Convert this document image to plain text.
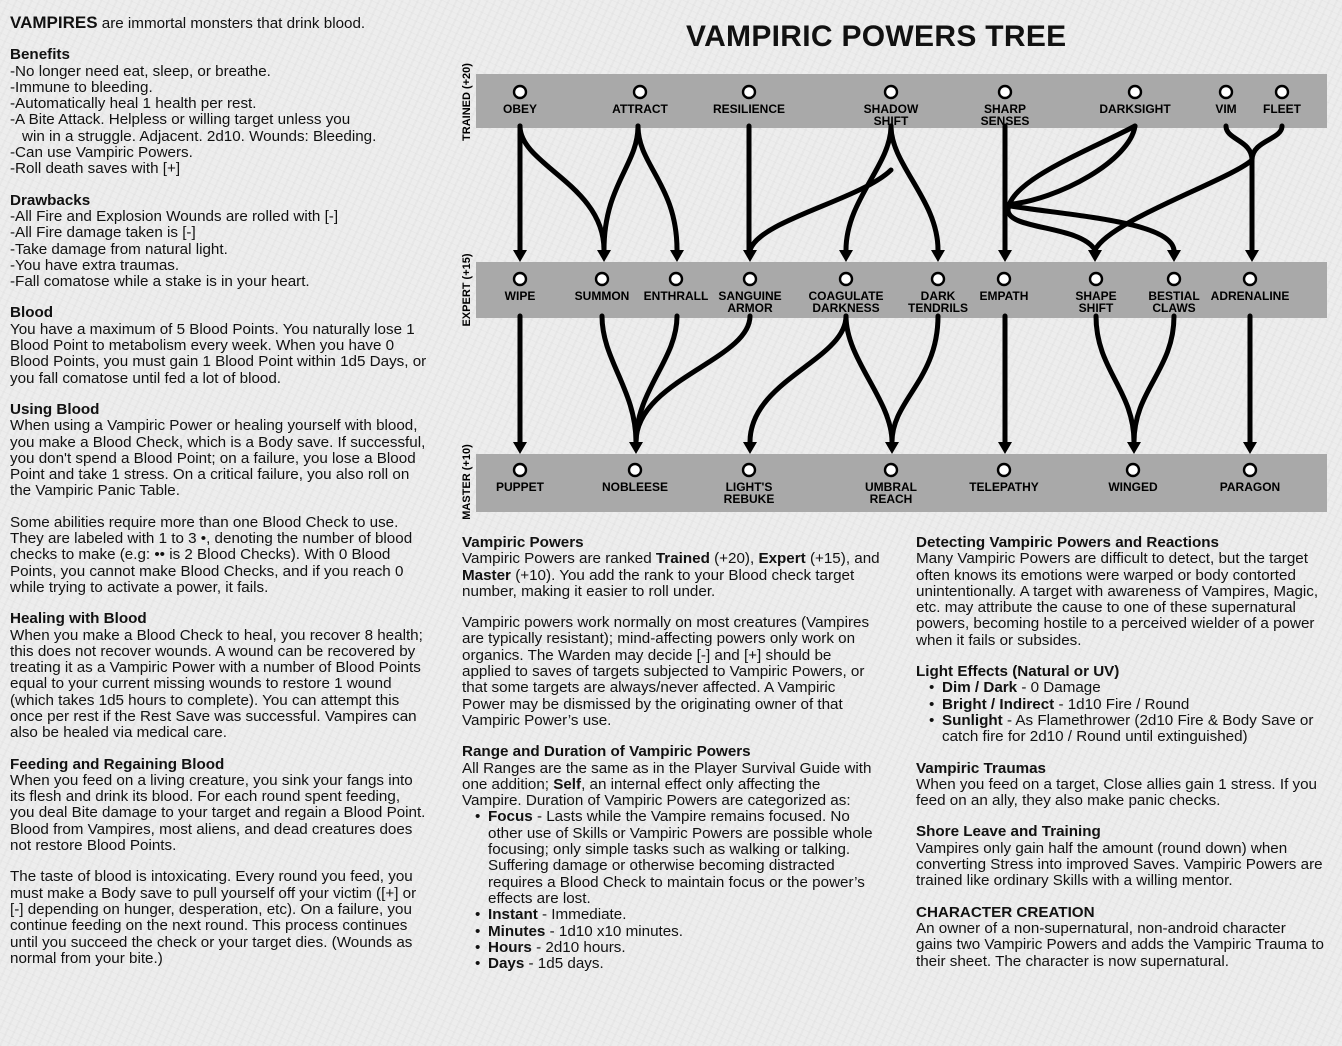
VAMPIRES are immortal monsters that drink blood.

Benefits

-No longer need eat, sleep, or breathe.

-Immune to bleeding.

-Automatically heal 1 health per rest.

-A Bite Attack. Helpless or willing target unless you

win in a struggle. Adjacent. 2d10. Wounds: Bleeding.

-Can use Vampiric Powers.

-Roll death saves with [+]

Drawbacks

-All Fire and Explosion Wounds are rolled with [-]

-All Fire damage taken is [-]

-Take damage from natural light.

-You have extra traumas.

-Fall comatose while a stake is in your heart.

Blood

You have a maximum of 5 Blood Points. You naturally lose 1 Blood Point to metabolism every week. When you have 0 Blood Points, you must gain 1 Blood Point within 1d5 Days, or you fall comatose until fed a lot of blood.

Using Blood

When using a Vampiric Power or healing yourself with blood, you make a Blood Check, which is a Body save. If successful, you don't spend a Blood Point; on a failure, you lose a Blood Point and take 1 stress. On a critical failure, you also roll on the Vampiric Panic Table.

Some abilities require more than one Blood Check to use. They are labeled with 1 to 3 •, denoting the number of blood checks to make (e.g: •• is 2 Blood Checks). With 0 Blood Points, you cannot make Blood Checks, and if you reach 0 while trying to activate a power, it fails.

Healing with Blood

When you make a Blood Check to heal, you recover 8 health; this does not recover wounds. A wound can be recovered by treating it as a Vampiric Power with a number of Blood Points equal to your current missing wounds to restore 1 wound (which takes 1d5 hours to complete). You can attempt this once per rest if the Rest Save was successful. Vampires can also be healed via medical care.

Feeding and Regaining Blood

When you feed on a living creature, you sink your fangs into its flesh and drink its blood. For each round spent feeding, you deal Bite damage to your target and regain a Blood Point. Blood from Vampires, most aliens, and dead creatures does not restore Blood Points.

The taste of blood is intoxicating. Every round you feed, you must make a Body save to pull yourself off your victim ([+] or [-] depending on hunger, desperation, etc). On a failure, you continue feeding on the next round. This process continues until you succeed the check or your target dies. (Wounds as normal from your bite.)

VAMPIRIC POWERS TREE
TRAINED (+20) OBEY	ATTRACT	RESILIENCE	SHADOW
SHIFT
SHARP
SENSES
DARKSIGHT	VIM FLEET
EXPERT (+15)	WIPE	SUMMON ENTHRALL SANGUINE
ARMOR
COAGULATE
DARKNESS
DARK
TENDRILS
EMPATH	SHAPE
SHIFT
BESTIAL
CLAWS
ADRENALINE
MASTER (+10) PUPPET	NOBLEESE	LIGHT'S
REBUKE
UMBRAL
REACH
TELEPATHY	WINGED	PARAGON
Vampiric Powers

Vampiric Powers are ranked Trained (+20), Expert (+15), and Master (+10). You add the rank to your Blood check target number, making it easier to roll under.

Vampiric powers work normally on most creatures (Vampires are typically resistant); mind-affecting powers only work on organics. The Warden may decide [-] and [+] should be applied to saves of targets subjected to Vampiric Powers, or that some targets are always/never affected. A Vampiric Power may be dismissed by the originating owner of that Vampiric Power’s use.

Range and Duration of Vampiric Powers

All Ranges are the same as in the Player Survival Guide with one addition; Self, an internal effect only affecting the Vampire. Duration of Vampiric Powers are categorized as:

• Focus - Lasts while the Vampire remains focused. No other use of Skills or Vampiric Powers are possible whole focusing; only simple tasks such as walking or talking. Suffering damage or otherwise becoming distracted requires a Blood Check to maintain focus or the power’s effects are lost.
• Instant - Immediate.
• Minutes - 1d10 x10 minutes.
• Hours - 2d10 hours.
• Days - 1d5 days.
Detecting Vampiric Powers and Reactions

Many Vampiric Powers are difficult to detect, but the target often knows its emotions were warped or body contorted unintentionally. A target with awareness of Vampires, Magic, etc. may attribute the cause to one of these supernatural powers, becoming hostile to a perceived wielder of a power when it fails or subsides.

Light Effects (Natural or UV)
• Dim / Dark - 0 Damage
• Bright / Indirect - 1d10 Fire / Round
• Sunlight - As Flamethrower (2d10 Fire & Body Save or catch fire for 2d10 / Round until extinguished)
Vampiric Traumas

When you feed on a target, Close allies gain 1 stress. If you feed on an ally, they also make panic checks.

Shore Leave and Training

Vampires only gain half the amount (round down) when converting Stress into improved Saves. Vampiric Powers are trained like ordinary Skills with a willing mentor.

CHARACTER CREATION

An owner of a non-supernatural, non-android character gains two Vampiric Powers and adds the Vampiric Trauma to their sheet. The character is now supernatural.
